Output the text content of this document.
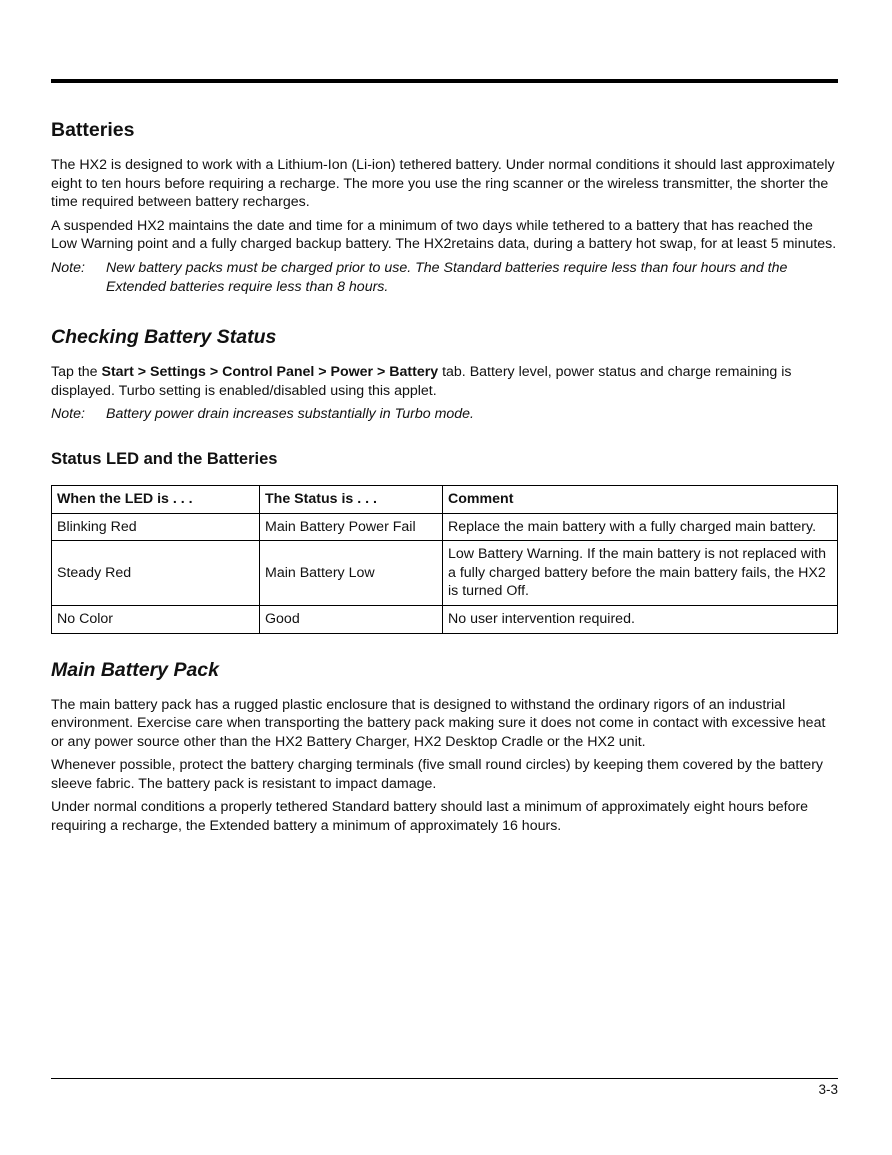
Batteries

The HX2 is designed to work with a Lithium-Ion (Li-ion) tethered battery. Under normal conditions it should last approximately eight to ten hours before requiring a recharge. The more you use the ring scanner or the wireless transmitter, the shorter the time required between battery recharges.

A suspended HX2 maintains the date and time for a minimum of two days while tethered to a battery that has reached the Low Warning point and a fully charged backup battery. The HX2retains data, during a battery hot swap, for at least 5 minutes.

Note:	New battery packs must be charged prior to use. The Standard batteries require less than four hours and the Extended batteries require less than 8 hours.
Checking Battery Status

Tap the Start > Settings > Control Panel > Power > Battery tab. Battery level, power status and charge remaining is displayed. Turbo setting is enabled/disabled using this applet.

Note:	Battery power drain increases substantially in Turbo mode.
Status LED and the Batteries
When the LED is . . .	The Status is . . .	Comment
Blinking Red	Main Battery Power Fail	Replace the main battery with a fully charged main battery.
Steady Red	Main Battery Low	Low Battery Warning. If the main battery is not replaced with a fully charged battery before the main battery fails, the HX2 is turned Off.
No Color	Good	No user intervention required.
Main Battery Pack

The main battery pack has a rugged plastic enclosure that is designed to withstand the ordinary rigors of an industrial environment. Exercise care when transporting the battery pack making sure it does not come in contact with excessive heat or any power source other than the HX2 Battery Charger, HX2 Desktop Cradle or the HX2 unit.

Whenever possible, protect the battery charging terminals (five small round circles) by keeping them covered by the battery sleeve fabric. The battery pack is resistant to impact damage.

Under normal conditions a properly tethered Standard battery should last a minimum of approximately eight hours before requiring a recharge, the Extended battery a minimum of approximately 16 hours.

3-3
